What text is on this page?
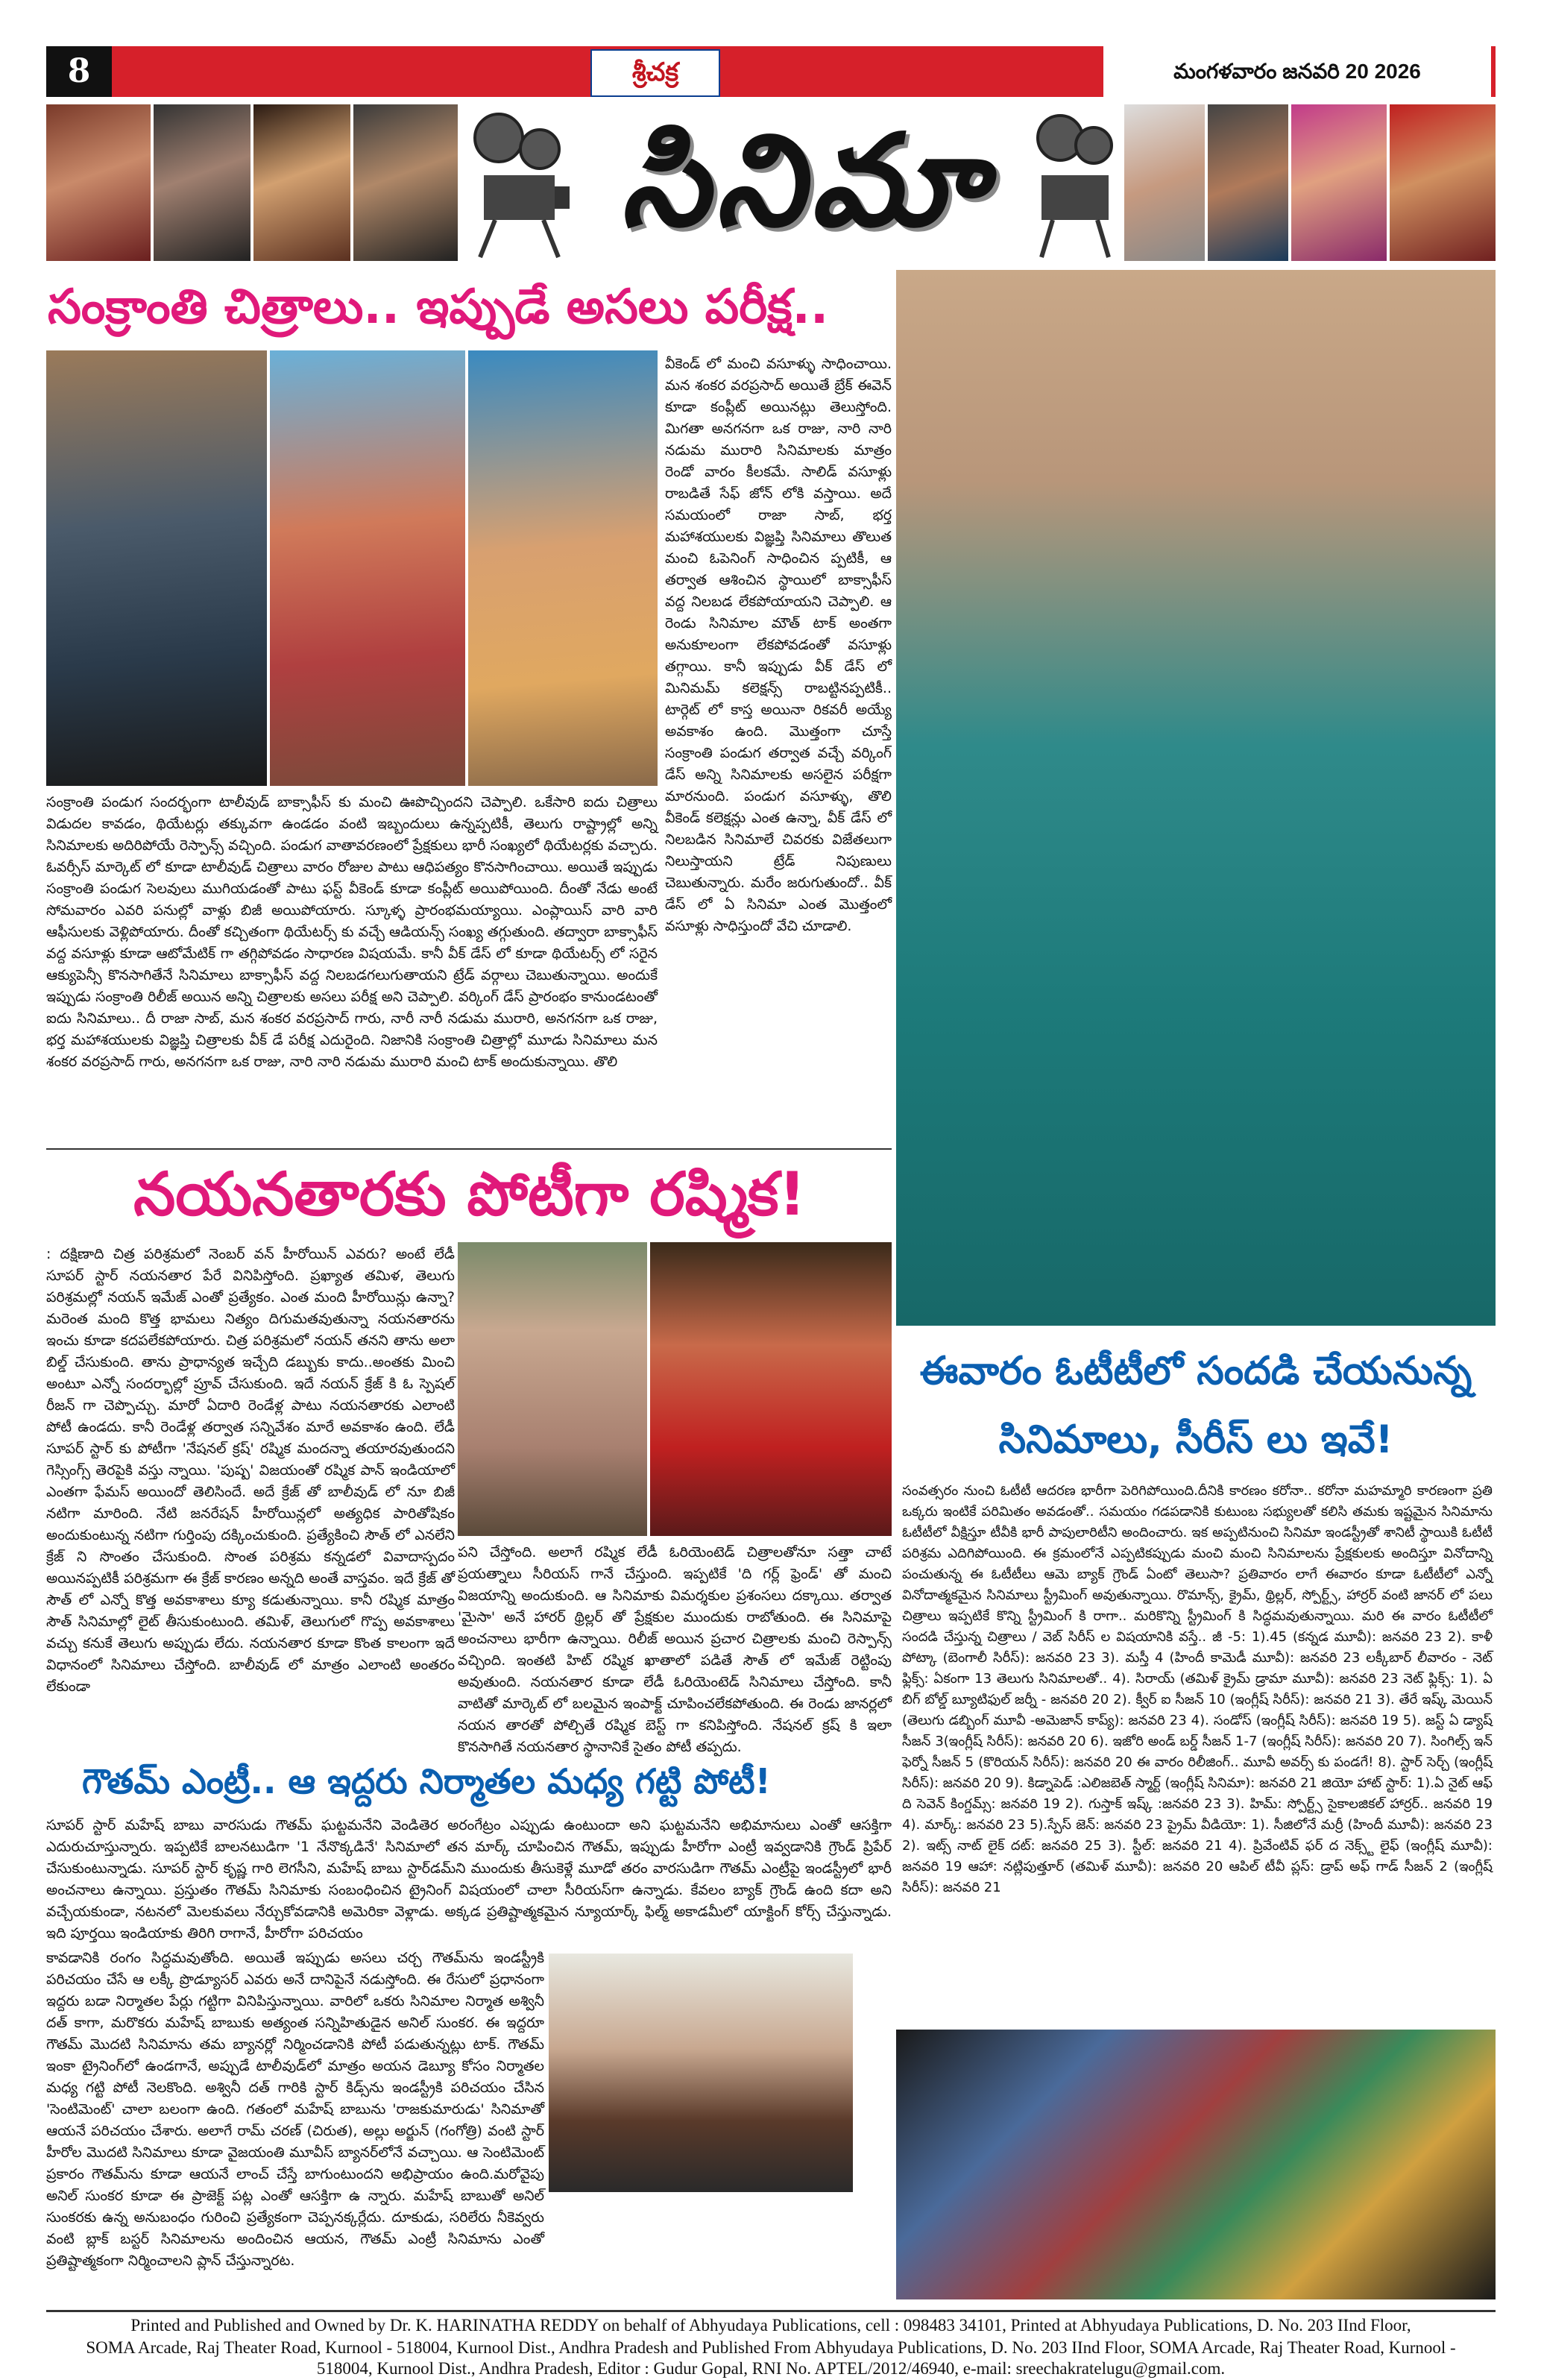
8	శ్రీచక్ర	మంగళవారం జనవరి 20 2026
సినిమా
సంక్రాంతి చిత్రాలు.. ఇప్పుడే అసలు పరీక్ష..
వీకెండ్ లో మంచి వసూళ్ళు సాధించాయి. మన శంకర వరప్రసాద్ అయితే బ్రేక్ ఈవెన్ కూడా కంప్లీట్ అయినట్లు తెలుస్తోంది. మిగతా అనగనగా ఒక రాజు, నారి నారి నడుమ మురారి సినిమాలకు మాత్రం రెండో వారం కీలకమే. సాలిడ్ వసూళ్లు రాబడితే సేఫ్ జోన్ లోకి వస్తాయి. అదే సమయంలో రాజా సాబ్, భర్త మహాశయులకు విజ్ఞప్తి సినిమాలు తొలుత మంచి ఓపెనింగ్ సాధించిన ప్పటికీ, ఆ తర్వాత ఆశించిన స్థాయిలో బాక్సాఫీస్ వద్ద నిలబడ లేకపోయాయని చెప్పాలి. ఆ రెండు సినిమాల మౌత్ టాక్ అంతగా అనుకూలంగా లేకపోవడంతో వసూళ్లు తగ్గాయి. కానీ ఇప్పుడు వీక్ డేస్ లో మినిమమ్ కలెక్షన్స్ రాబట్టినప్పటికీ.. టార్గెట్ లో కాస్త అయినా రికవరీ అయ్యే అవకాశం ఉంది. మొత్తంగా చూస్తే సంక్రాంతి పండుగ తర్వాత వచ్చే వర్కింగ్ డేస్ అన్ని సినిమాలకు అసలైన పరీక్షగా మారనుంది. పండుగ వసూళ్ళు, తొలి వీకెండ్ కలెక్షన్లు ఎంత ఉన్నా, వీక్ డేస్ లో నిలబడిన సినిమాలే చివరకు విజేతలుగా నిలుస్తాయని ట్రేడ్ నిపుణులు చెబుతున్నారు. మరేం జరుగుతుందో.. వీక్ డేస్ లో ఏ సినిమా ఎంత మొత్తంలో వసూళ్లు సాధిస్తుందో వేచి చూడాలి.
సంక్రాంతి పండుగ సందర్భంగా టాలీవుడ్ బాక్సాఫీస్ కు మంచి ఊపొచ్చిందని చెప్పాలి. ఒకేసారి ఐదు చిత్రాలు విడుదల కావడం, థియేటర్లు తక్కువగా ఉండడం వంటి ఇబ్బందులు ఉన్నప్పటికీ, తెలుగు రాష్ట్రాల్లో అన్ని సినిమాలకు అదిరిపోయే రెస్పాన్స్ వచ్చింది. పండుగ వాతావరణంలో ప్రేక్షకులు భారీ సంఖ్యలో థియేటర్లకు వచ్చారు. ఓవర్సీస్ మార్కెట్ లో కూడా టాలీవుడ్ చిత్రాలు వారం రోజుల పాటు ఆధిపత్యం కొనసాగించాయి. అయితే ఇప్పుడు సంక్రాంతి పండుగ సెలవులు ముగియడంతో పాటు ఫస్ట్ వీకెండ్ కూడా కంప్లీట్ అయిపోయింది. దీంతో నేడు అంటే సోమవారం ఎవరి పనుల్లో వాళ్లు బిజీ అయిపోయారు. స్కూళ్ళ ప్రారంభమయ్యాయి. ఎంప్లాయిస్ వారి వారి ఆఫీసులకు వెళ్లిపోయారు. దీంతో కచ్చితంగా థియేటర్స్ కు వచ్చే ఆడియన్స్ సంఖ్య తగ్గుతుంది. తద్వారా బాక్సాఫీస్ వద్ద వసూళ్లు కూడా ఆటోమేటిక్ గా తగ్గిపోవడం సాధారణ విషయమే. కానీ వీక్ డేస్ లో కూడా థియేటర్స్ లో సరైన ఆక్యుపెన్సీ కొనసాగితేనే సినిమాలు బాక్సాఫీస్ వద్ద నిలబడగలుగుతాయని ట్రేడ్ వర్గాలు చెబుతున్నాయి. అందుకే ఇప్పుడు సంక్రాంతి రిలీజ్ అయిన అన్ని చిత్రాలకు అసలు పరీక్ష అని చెప్పాలి. వర్కింగ్ డేస్ ప్రారంభం కానుండటంతో ఐదు సినిమాలు.. దీ రాజా సాబ్, మన శంకర వరప్రసాద్ గారు, నారీ నారీ నడుమ మురారి, అనగనగా ఒక రాజు, భర్త మహాశయులకు విజ్ఞప్తి చిత్రాలకు వీక్ డే పరీక్ష ఎదురైంది. నిజానికి సంక్రాంతి చిత్రాల్లో మూడు సినిమాలు మన శంకర వరప్రసాద్ గారు, అనగనగా ఒక రాజు, నారి నారి నడుమ మురారి మంచి టాక్ అందుకున్నాయి. తొలి
నయనతారకు పోటీగా రష్మిక!
: దక్షిణాది చిత్ర పరిశ్రమలో నెంబర్ వన్ హీరోయిన్ ఎవరు? అంటే లేడీ సూపర్ స్టార్ నయనతార పేరే వినిపిస్తోంది. ప్రఖ్యాత తమిళ, తెలుగు పరిశ్రమల్లో నయన్ ఇమేజ్ ఎంతో ప్రత్యేకం. ఎంత మంది హీరోయిన్లు ఉన్నా? మరెంత మంది కొత్త భామలు నిత్యం దిగుమతవుతున్నా నయనతారను ఇంచు కూడా కదపలేకపోయారు. చిత్ర పరిశ్రమలో నయన్ తనని తాను అలా బిల్డ్ చేసుకుంది. తాను ప్రాధాన్యత ఇచ్చేది డబ్బుకు కాదు..అంతకు మించి అంటూ ఎన్నో సందర్భాల్లో ప్రూవ్ చేసుకుంది. ఇదే నయన్ క్రేజ్ కి ఓ స్పెషల్ రీజన్ గా చెప్పొచ్చు. మారో ఏదారి రెండేళ్ల పాటు నయనతారకు ఎలాంటి పోటీ ఉండదు. కానీ రెండేళ్ల తర్వాత సన్నివేశం మారే అవకాశం ఉంది. లేడీ సూపర్ స్టార్ కు పోటీగా 'నేషనల్ క్రష్' రష్మిక మందన్నా తయారవుతుందని గెస్సింగ్స్ తెరపైకి వస్తు న్నాయి. 'పుష్ప' విజయంతో రష్మిక పాన్ ఇండియాలో ఎంతగా ఫేమస్ అయిందో తెలిసిందే. అదే క్రేజ్ తో బాలీవుడ్ లో నూ బిజీ నటిగా మారింది. నేటి జనరేషన్ హీరోయిన్లలో అత్యధిక పారితోషికం అందుకుంటున్న నటిగా గుర్తింపు దక్కించుకుంది. ప్రత్యేకించి సౌత్ లో ఎనలేని క్రేజ్ ని సొంతం చేసుకుంది. సొంత పరిశ్రమ కన్నడలో వివాదాస్పదం అయినప్పటికీ పరిశ్రమగా ఈ క్రేజ్ కారణం అన్నది అంతే వాస్తవం. ఇదే క్రేజ్ తో సౌత్ లో ఎన్నో కొత్త అవకాశాలు క్యూ కడుతున్నాయి. కానీ రష్మిక మాత్రం సౌత్ సినిమాల్లో లైట్ తీసుకుంటుంది. తమిళ్, తెలుగులో గొప్ప అవకాశాలు వచ్చు కనుకే తెలుగు అప్పుడు లేదు. నయనతార కూడా కొంత కాలంగా ఇదే విధానంలో సినిమాలు చేస్తోంది. బాలీవుడ్ లో మాత్రం ఎలాంటి అంతరం లేకుండా
పని చేస్తోంది. అలాగే రష్మిక లేడీ ఓరియెంటెడ్ చిత్రాలతోనూ సత్తా చాటే ప్రయత్నాలు సీరియస్ గానే చేస్తుంది. ఇప్పటికే 'ది గర్ల్ ఫ్రెండ్' తో మంచి విజయాన్ని అందుకుంది. ఆ సినిమాకు విమర్శకుల ప్రశంసలు దక్కాయి. తర్వాత 'మైసా' అనే హారర్ థ్రిల్లర్ తో ప్రేక్షకుల ముందుకు రాబోతుంది. ఈ సినిమాపై అంచనాలు భారీగా ఉన్నాయి. రిలీజ్ అయిన ప్రచార చిత్రాలకు మంచి రెస్పాన్స్ వచ్చింది. ఇంతటి హిట్ రష్మిక ఖాతాలో పడితే సౌత్ లో ఇమేజ్ రెట్టింపు అవుతుంది. నయనతార కూడా లేడీ ఓరియెంటెడ్ సినిమాలు చేస్తోంది. కానీ వాటితో మార్కెట్ లో బలమైన ఇంపాక్ట్ చూపించలేకపోతుంది. ఈ రెండు జానర్లలో నయన తారతో పోల్చితే రష్మిక బెస్ట్ గా కనిపిస్తోంది. నేషనల్ క్రష్ కి ఇలా కొనసాగితే నయనతార స్థానానికే సైతం పోటీ తప్పదు.
ఈవారం ఓటీటీలో సందడి చేయనున్న
సినిమాలు, సీరీస్ లు ఇవే!
సంవత్సరం నుంచి ఓటీటీ ఆదరణ భారీగా పెరిగిపోయింది.దీనికి కారణం కరోనా.. కరోనా మహమ్మారి కారణంగా ప్రతి ఒక్కరు ఇంటికే పరిమితం అవడంతో.. సమయం గడపడానికి కుటుంబ సభ్యులతో కలిసి తమకు ఇష్టమైన సినిమాను ఓటీటీలో వీక్షిస్తూ టీవీకి భారీ పాపులారిటీని అందించారు. ఇక అప్పటినుంచి సినిమా ఇండస్ట్రీతో శానిటీ స్థాయికి ఓటీటీ పరిశ్రమ ఎదిగిపోయింది. ఈ క్రమంలోనే ఎప్పటికప్పుడు మంచి మంచి సినిమాలను ప్రేక్షకులకు అందిస్తూ వినోదాన్ని పంచుతున్న ఈ ఓటీటీలు ఆమె బ్యాక్ గ్రౌండ్ ఏంటో తెలుసా? ప్రతివారం లాగే ఈవారం కూడా ఓటీటీలో ఎన్నో వినోదాత్మకమైన సినిమాలు స్ట్రీమింగ్ అవుతున్నాయి. రొమాన్స్, క్రైమ్, థ్రిల్లర్, స్పోర్ట్స్, హార్రర్ వంటి జానర్ లో పలు చిత్రాలు ఇప్పటికే కొన్ని స్ట్రీమింగ్ కి రాగా.. మరికొన్ని స్ట్రీమింగ్ కి సిద్ధమవుతున్నాయి. మరి ఈ వారం ఓటీటీలో సందడి చేస్తున్న చిత్రాలు / వెబ్ సిరీస్ ల విషయానికి వస్తే.. జీ -5: 1).45 (కన్నడ మూవీ): జనవరి 23 2). కాళీ పోట్కా (బెంగాలీ సిరీస్): జనవరి 23 3). మస్తీ 4 (హిందీ కామెడీ మూవీ): జనవరి 23 లక్కీబార్ లీవారం - నెట్ ఫ్లిక్స్: ఏకంగా 13 తెలుగు సినిమాలతో.. 4). సిరాయ్ (తమిళ్ క్రైమ్ డ్రామా మూవీ): జనవరి 23 నెట్ ఫ్లిక్స్: 1). ఏ బిగ్ బోల్డ్ బ్యూటిఫుల్ జర్నీ - జనవరి 20 2). క్వీర్ ఐ సీజన్ 10 (ఇంగ్లీష్ సిరీస్): జనవరి 21 3). తేరే ఇష్క్ మెయిన్ (తెలుగు డబ్బింగ్ మూవీ -అమెజాన్ కాప్య్): జనవరి 23 4). సండోస్ (ఇంగ్లీష్ సిరీస్): జనవరి 19 5). జస్ట్ ఏ డ్యాష్ సీజన్ 3(ఇంగ్లీష్ సిరీస్): జనవరి 20 6). ఇజోరి అండ్ బర్డ్ సీజన్ 1-7 (ఇంగ్లీష్ సిరీస్): జనవరి 20 7). సింగిల్స్ ఇన్ ఫెర్నో సీజన్ 5 (కొరియన్ సిరీస్): జనవరి 20 ఈ వారం రిలీజింగ్.. మూవీ అవర్స్ కు పండగే! 8). స్టార్ సెర్చ్ (ఇంగ్లీష్ సిరీస్): జనవరి 20 9). కిడ్నాపెడ్ :ఎలిజబెత్ స్మార్ట్ (ఇంగ్లీష్ సినిమా): జనవరి 21 జియో హాట్ స్టార్: 1).ఏ నైట్ ఆఫ్ ది సెవెన్ కింగ్డమ్స్: జనవరి 19 2). గుస్తాక్ ఇష్క్ :జనవరి 23 3). హిమ్: స్పోర్ట్స్ సైకాలజికల్ హార్రర్.. జనవరి 19 4). మార్క్: జనవరి 23 5).స్పేస్ జెన్: జనవరి 23 ప్రైమ్ వీడియో: 1). సీజిలోనే మర్రీ (హిందీ మూవీ): జనవరి 23 2). ఇట్స్ నాట్ లైక్ దట్: జనవరి 25 3). స్టీల్: జనవరి 21 4). ప్రివేంటివ్ ఫర్ ద నెక్స్ట్ లైఫ్ (ఇంగ్లీష్ మూవీ): జనవరి 19 ఆహా: నట్లిపుత్తూర్ (తమిళ్ మూవీ): జనవరి 20 ఆపిల్ టీవీ ప్లస్: డ్రాప్ అఫ్ గాడ్ సీజన్ 2 (ఇంగ్లీష్ సిరీస్): జనవరి 21
గౌతమ్ ఎంట్రీ.. ఆ ఇద్దరు నిర్మాతల మధ్య గట్టి పోటీ!
సూపర్ స్టార్ మహేష్ బాబు వారసుడు గౌతమ్ ఘట్టమనేని వెండితెర అరంగేట్రం ఎప్పుడు ఉంటుందా అని ఘట్టమనేని అభిమానులు ఎంతో ఆసక్తిగా ఎదురుచూస్తున్నారు. ఇప్పటికే బాలనటుడిగా '1 నేనొక్కడినే' సినిమాలో తన మార్క్ చూపించిన గౌతమ్, ఇప్పుడు హీరోగా ఎంట్రీ ఇవ్వడానికి గ్రౌండ్ ప్రిపేర్ చేసుకుంటున్నాడు. సూపర్ స్టార్ కృష్ణ గారి లెగసీని, మహేష్ బాబు స్టార్‌డమ్‌ని ముందుకు తీసుకెళ్లే మూడో తరం వారసుడిగా గౌతమ్ ఎంట్రీపై ఇండస్ట్రీలో భారీ అంచనాలు ఉన్నాయి. ప్రస్తుతం గౌతమ్ సినిమాకు సంబంధించిన ట్రైనింగ్ విషయంలో చాలా సీరియస్‌గా ఉన్నాడు. కేవలం బ్యాక్ గ్రౌండ్ ఉంది కదా అని వచ్చేయకుండా, నటనలో మెలకువలు నేర్చుకోవడానికి అమెరికా వెళ్లాడు. అక్కడ ప్రతిష్టాత్మకమైన న్యూయార్క్ ఫిల్మ్ అకాడమీలో యాక్టింగ్ కోర్స్ చేస్తున్నాడు. ఇది పూర్తయి ఇండియాకు తిరిగి రాగానే, హీరోగా పరిచయం
కావడానికి రంగం సిద్ధమవుతోంది. అయితే ఇప్పుడు అసలు చర్చ గౌతమ్‌ను ఇండస్ట్రీకి పరిచయం చేసే ఆ లక్కీ ప్రొడ్యూసర్ ఎవరు అనే దానిపైనే నడుస్తోంది. ఈ రేసులో ప్రధానంగా ఇద్దరు బడా నిర్మాతల పేర్లు గట్టిగా వినిపిస్తున్నాయి. వారిలో ఒకరు సినిమాల నిర్మాత అశ్వినీ దత్ కాగా, మరొకరు మహేష్ బాబుకు అత్యంత సన్నిహితుడైన అనిల్ సుంకర. ఈ ఇద్దరూ గౌతమ్ మొదటి సినిమాను తమ బ్యానర్లో నిర్మించడానికి పోటీ పడుతున్నట్లు టాక్. గౌతమ్ ఇంకా ట్రైనింగ్‌లో ఉండగానే, అప్పుడే టాలీవుడ్‌లో మాత్రం అయన డెబ్యూ కోసం నిర్మాతల మధ్య గట్టి పోటీ నెలకొంది. అశ్వినీ దత్ గారికి స్టార్ కిడ్స్‌ను ఇండస్ట్రీకి పరిచయం చేసిన 'సెంటిమెంట్' చాలా బలంగా ఉంది. గతంలో మహేష్ బాబును 'రాజకుమారుడు' సినిమాతో ఆయనే పరిచయం చేశారు. అలాగే రామ్ చరణ్ (చిరుత), అల్లు అర్జున్ (గంగోత్రి) వంటి స్టార్ హీరోల మొదటి సినిమాలు కూడా వైజయంతి మూవీస్ బ్యానర్‌లోనే వచ్చాయి. ఆ సెంటిమెంట్ ప్రకారం గౌతమ్‌ను కూడా ఆయనే లాంచ్ చేస్తే బాగుంటుందని అభిప్రాయం ఉంది.మరోవైపు అనిల్ సుంకర కూడా ఈ ప్రాజెక్ట్ పట్ల ఎంతో ఆసక్తిగా ఉ న్నారు. మహేష్ బాబుతో అనిల్ సుంకరకు ఉన్న అనుబంధం గురించి ప్రత్యేకంగా చెప్పనక్కర్లేదు. దూకుడు, సరిలేరు నీకెవ్వరు వంటి బ్లాక్ బస్టర్ సినిమాలను అందించిన ఆయన, గౌతమ్ ఎంట్రీ సినిమాను ఎంతో ప్రతిష్టాత్మకంగా నిర్మించాలని ప్లాన్ చేస్తున్నారట.
Printed and Published and Owned by Dr. K. HARINATHA REDDY on behalf of Abhyudaya Publications, cell : 098483 34101, Printed at Abhyudaya Publications, D. No. 203 IInd Floor,
SOMA Arcade, Raj Theater Road, Kurnool - 518004, Kurnool Dist., Andhra Pradesh and Published From Abhyudaya Publications, D. No. 203 IInd Floor, SOMA Arcade, Raj Theater Road, Kurnool -
518004, Kurnool Dist., Andhra Pradesh, Editor : Gudur Gopal, RNI No. APTEL/2012/46940, e-mail: sreechakratelugu@gmail.com.
